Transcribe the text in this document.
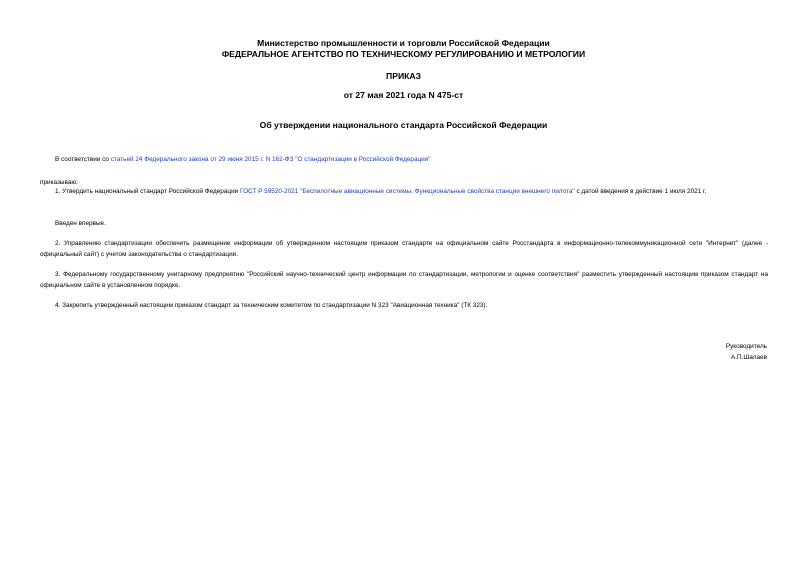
Министерство промышленности и торговли Российской Федерации
ФЕДЕРАЛЬНОЕ АГЕНТСТВО ПО ТЕХНИЧЕСКОМУ РЕГУЛИРОВАНИЮ И МЕТРОЛОГИИ
ПРИКАЗ
от 27 мая 2021 года N 475-ст
Об утверждении национального стандарта Российской Федерации
В соответствии со статьей 24 Федерального закона от 29 июня 2015 г. N 162-ФЗ "О стандартизации в Российской Федерации"
приказываю:
1. Утвердить национальный стандарт Российской Федерации ГОСТ Р 59520-2021 "Беспилотные авиационные системы. Функциональные свойства станции внешнего пилота" с датой введения в действие 1 июля 2021 г.
Введен впервые.
2. Управлению стандартизации обеспечить размещение информации об утвержденном настоящим приказом стандарте на официальном сайте Росстандарта в информационно-телекоммуникационной сети "Интернет" (далее - официальный сайт) с учетом законодательства о стандартизации.
3. Федеральному государственному унитарному предприятию "Российский научно-технический центр информации по стандартизации, метрологии и оценке соответствия" разместить утвержденный настоящим приказом стандарт на официальном сайте в установленном порядке.
4. Закрепить утвержденный настоящим приказом стандарт за техническим комитетом по стандартизации N 323 "Авиационная техника" (ТК 323).
Руководитель
А.П.Шалаев
